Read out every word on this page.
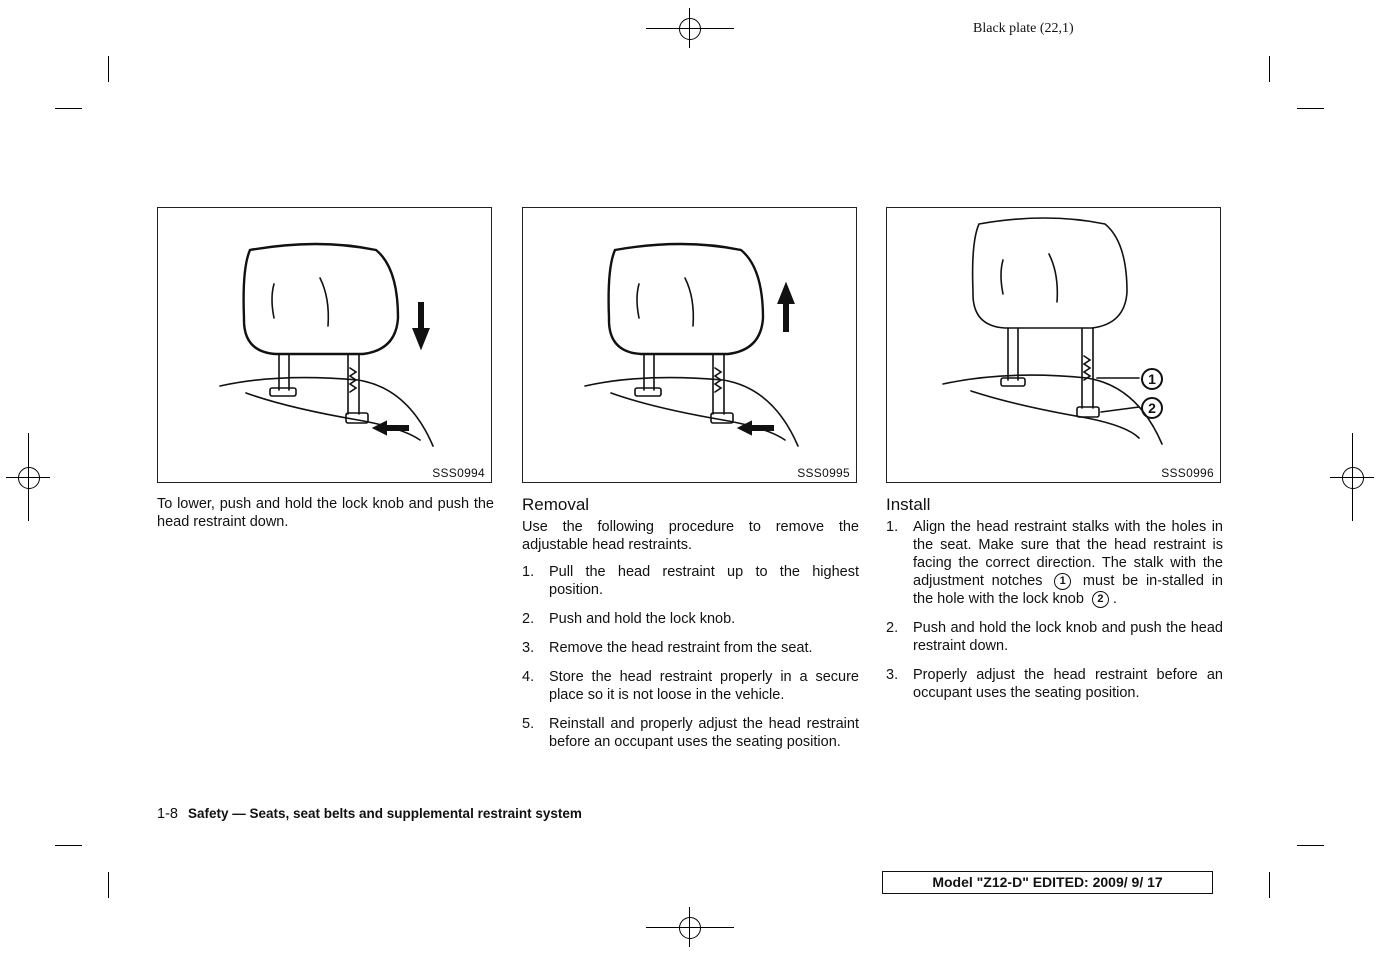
Black plate (22,1)
SSS0994	SSS0995
1
2
SSS0996
To lower, push and hold the lock knob and push the head restraint down.
Removal
Use the following procedure to remove the adjustable head restraints.
1. Pull the head restraint up to the highest position.
2. Push and hold the lock knob.
3. Remove the head restraint from the seat.
4. Store the head restraint properly in a secure place so it is not loose in the vehicle.
5. Reinstall and properly adjust the head restraint before an occupant uses the seating position.
Install
1. Align the head restraint stalks with the holes in the seat. Make sure that the head restraint is facing the correct direction. The stalk with the adjustment notches 1 must be in-stalled in the hole with the lock knob 2 .
2. Push and hold the lock knob and push the head restraint down.
3. Properly adjust the head restraint before an occupant uses the seating position.
1-8 Safety — Seats, seat belts and supplemental restraint system
Model "Z12-D" EDITED: 2009/ 9/ 17
